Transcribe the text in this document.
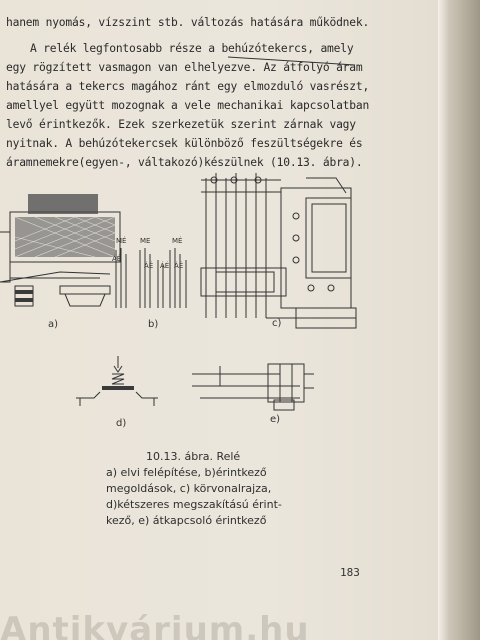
hanem nyomás, vízszint stb. változás hatására működnek.
A relék legfontosabb része a behúzótekercs, amely
egy rögzített vasmagon van elhelyezve. Az átfolyó áram
hatására a tekercs magához ránt egy elmozduló vasrészt,
amellyel együtt mozognak a vele mechanikai kapcsolatban
levő érintkezők. Ezek szerkezetük szerint zárnak vagy
nyitnak. A behúzótekercsek különböző feszültségekre és
áramnemekre(egyen-, váltakozó)készülnek (10.13. ábra).
a)
MÉ ME	MÉ
ÁÉ
ÁÉ ÁÉ ÁÉ
b)	c)
d)	e)
10.13. ábra. Relé
a) elvi felépítése, b)érintkező
megoldások, c) körvonalrajza,
d)kétszeres megszakítású érint-
kező, e) átkapcsoló érintkező
183
Antikvárium.hu
